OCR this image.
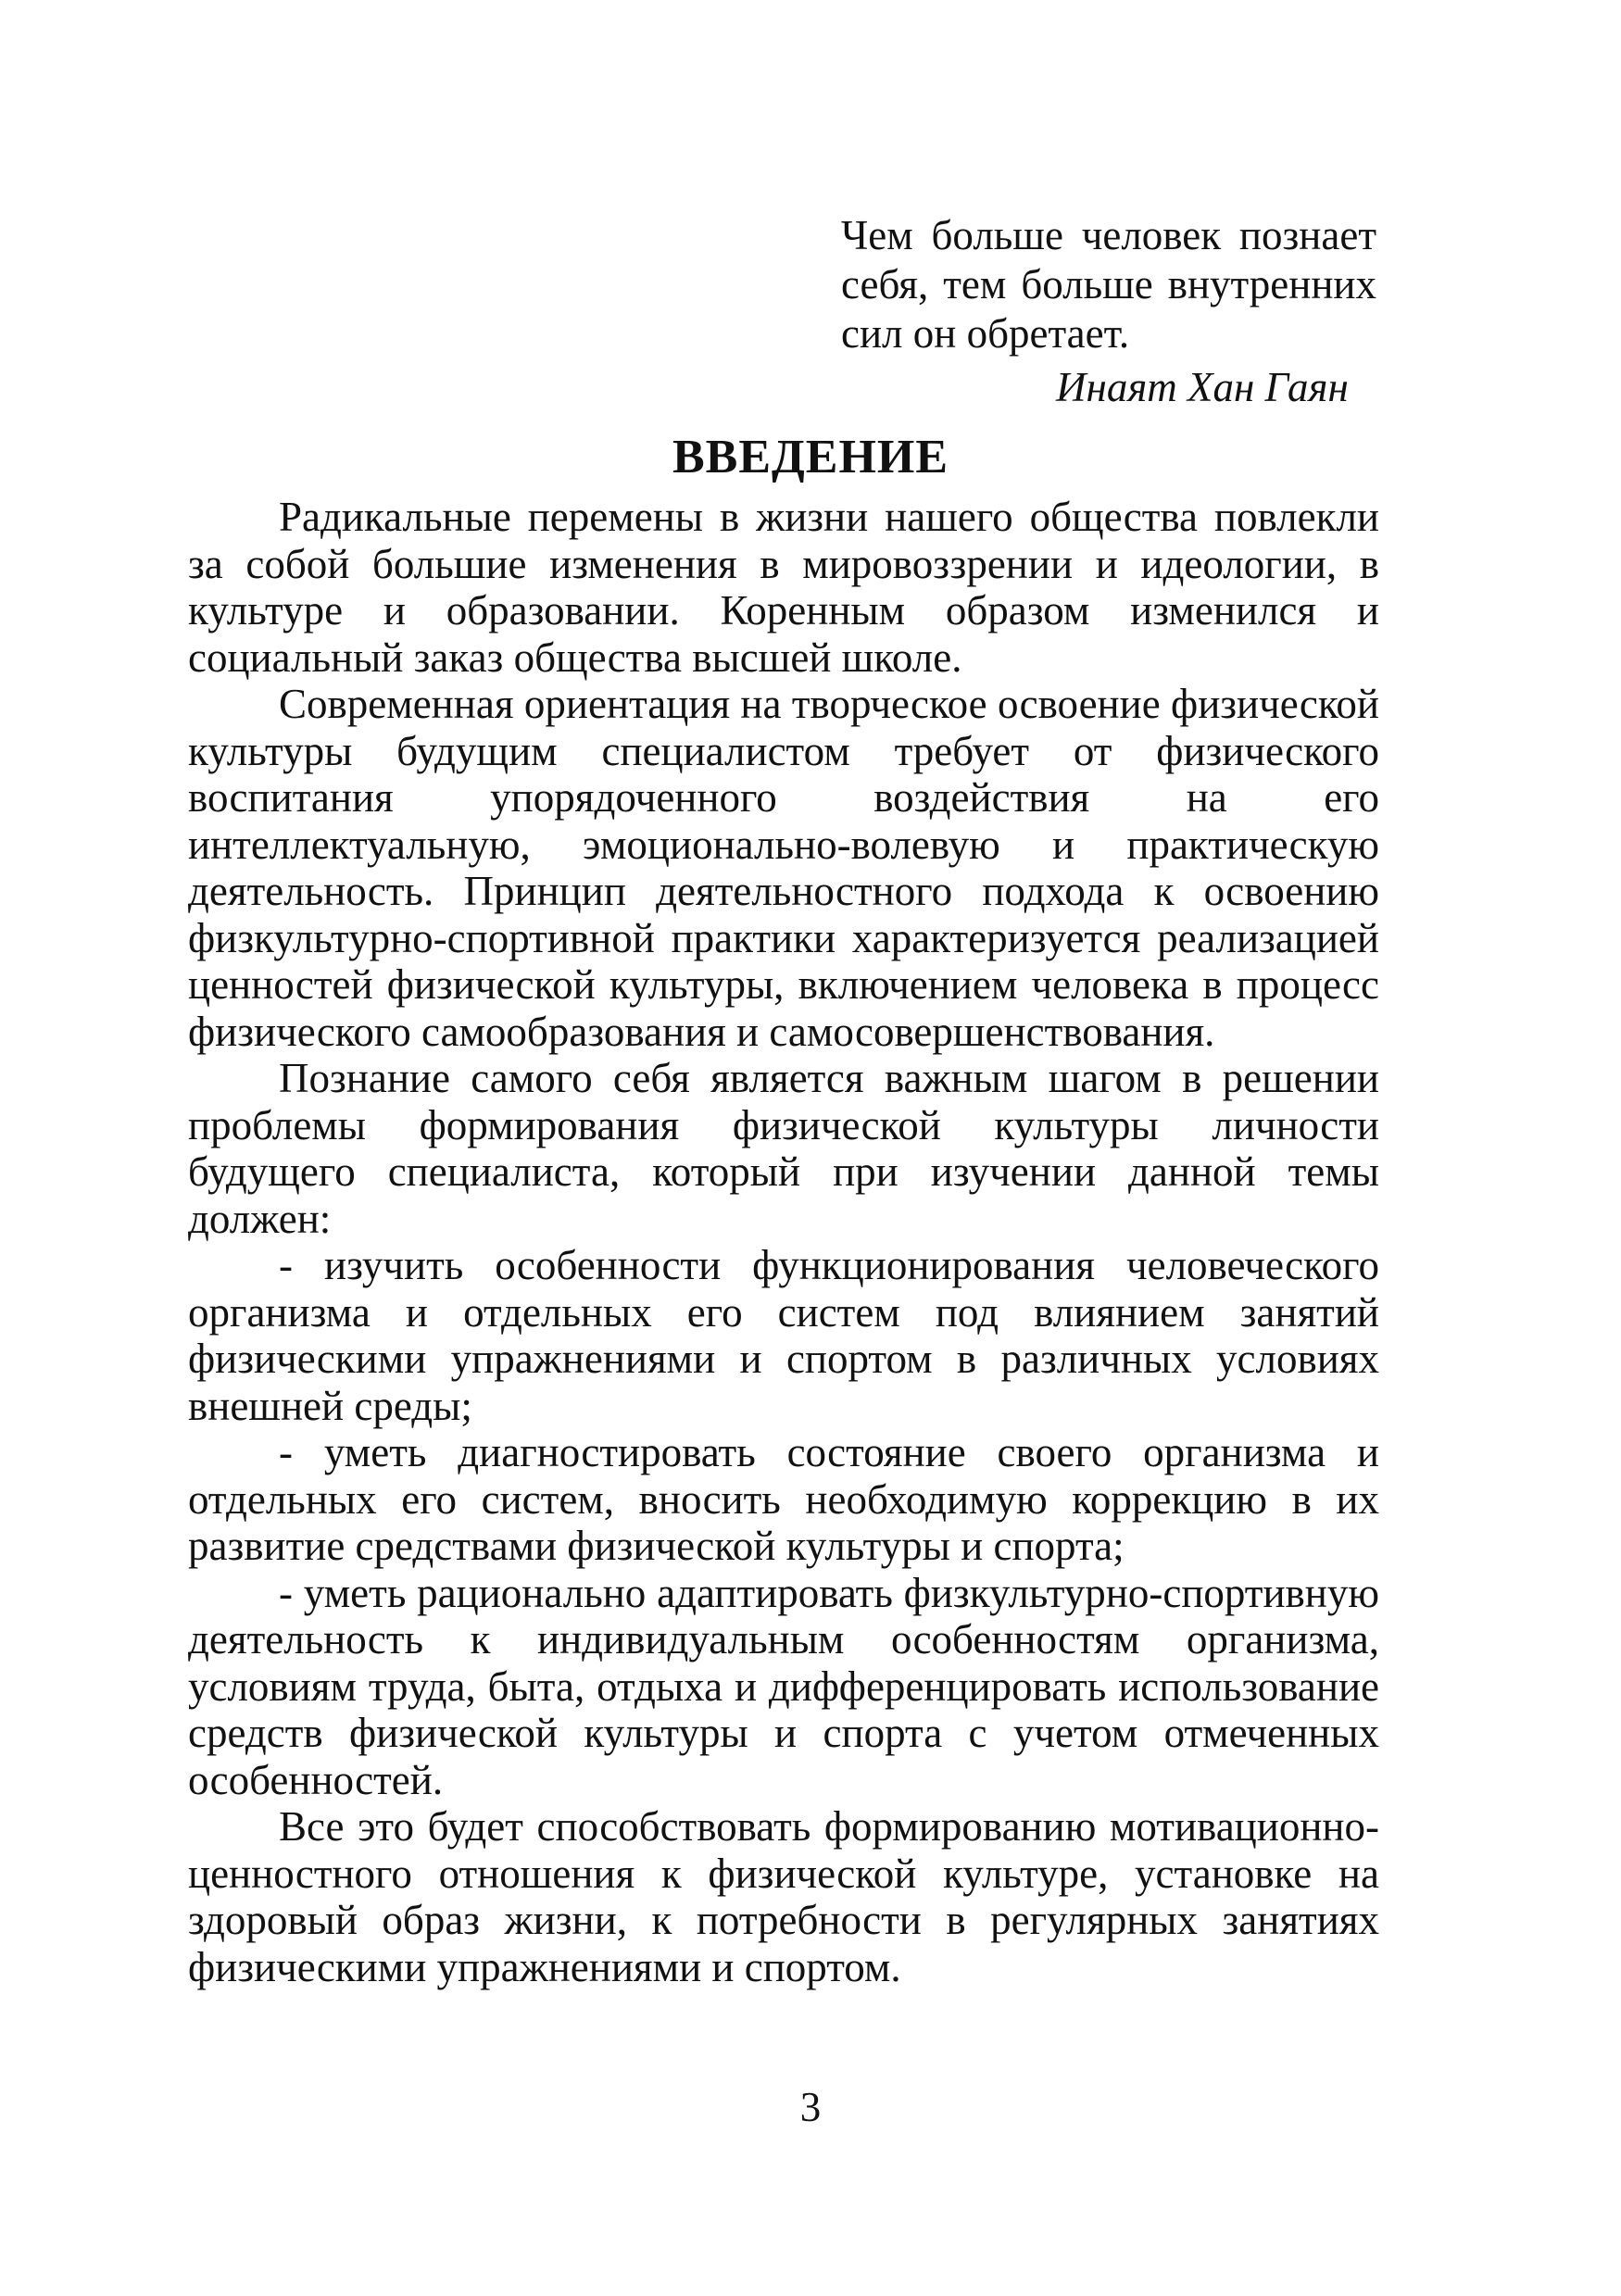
Чем больше человек познает себя, тем больше внутренних сил он обретает.
Инаят Хан Гаян
ВВЕДЕНИЕ

Радикальные перемены в жизни нашего общества повлекли за собой большие изменения в мировоззрении и идеологии, в культуре и образовании. Коренным образом изменился и социальный заказ общества высшей школе.

Современная ориентация на творческое освоение физической культуры будущим специалистом требует от физического воспитания упорядоченного воздействия на его интеллектуальную, эмоционально-волевую и практическую деятельность. Принцип деятельностного подхода к освоению физкультурно-спортивной практики характеризуется реализацией ценностей физической культуры, включением человека в процесс физического самообразования и самосовершенствования.

Познание самого себя является важным шагом в решении проблемы формирования физической культуры личности будущего специалиста, который при изучении данной темы должен:

- изучить особенности функционирования человеческого организма и отдельных его систем под влиянием занятий физическими упражнениями и спортом в различных условиях внешней среды;

- уметь диагностировать состояние своего организма и отдельных его систем, вносить необходимую коррекцию в их развитие средствами физической культуры и спорта;

- уметь рационально адаптировать физкультурно-спортивную деятельность к индивидуальным особенностям организма, условиям труда, быта, отдыха и дифференцировать использование средств физической культуры и спорта с учетом отмеченных особенностей.

Все это будет способствовать формированию мотивационно-ценностного отношения к физической культуре, установке на здоровый образ жизни, к потребности в регулярных занятиях физическими упражнениями и спортом.

3
